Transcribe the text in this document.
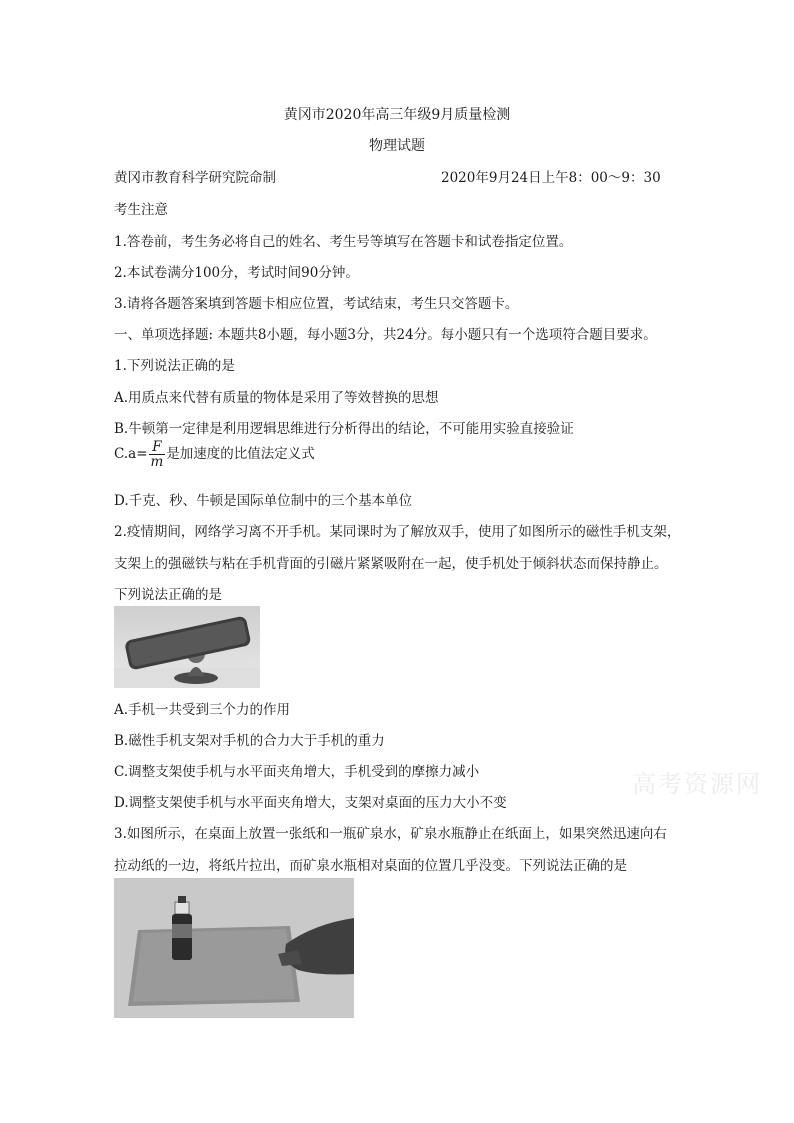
黄冈市2020年高三年级9月质量检测
物理试题
黄冈市教育科学研究院命制	2020年9月24日上午8：00～9：30
考生注意
1.答卷前，考生务必将自己的姓名、考生号等填写在答题卡和试卷指定位置。
2.本试卷满分100分，考试时间90分钟。
3.请将各题答案填到答题卡相应位置，考试结束，考生只交答题卡。
一、单项选择题: 本题共8小题，每小题3分，共24分。每小题只有一个选项符合题目要求。
1.下列说法正确的是
A.用质点来代替有质量的物体是采用了等效替换的思想
B.牛顿第一定律是利用逻辑思维进行分析得出的结论，不可能用实验直接验证
$C.a= \frac{F}{m}$ 是加速度的比值法定义式
D.千克、秒、牛顿是国际单位制中的三个基本单位
2.疫情期间，网络学习离不开手机。某同课时为了解放双手，使用了如图所示的磁性手机支架，
支架上的强磁铁与粘在手机背面的引磁片紧紧吸附在一起，使手机处于倾斜状态而保持静止。
下列说法正确的是
A.手机一共受到三个力的作用
B.磁性手机支架对手机的合力大于手机的重力
C.调整支架使手机与水平面夹角增大，手机受到的摩擦力减小
D.调整支架使手机与水平面夹角增大，支架对桌面的压力大小不变
高考资源网
3.如图所示，在桌面上放置一张纸和一瓶矿泉水，矿泉水瓶静止在纸面上，如果突然迅速向右
拉动纸的一边，将纸片拉出，而矿泉水瓶相对桌面的位置几乎没变。下列说法正确的是
